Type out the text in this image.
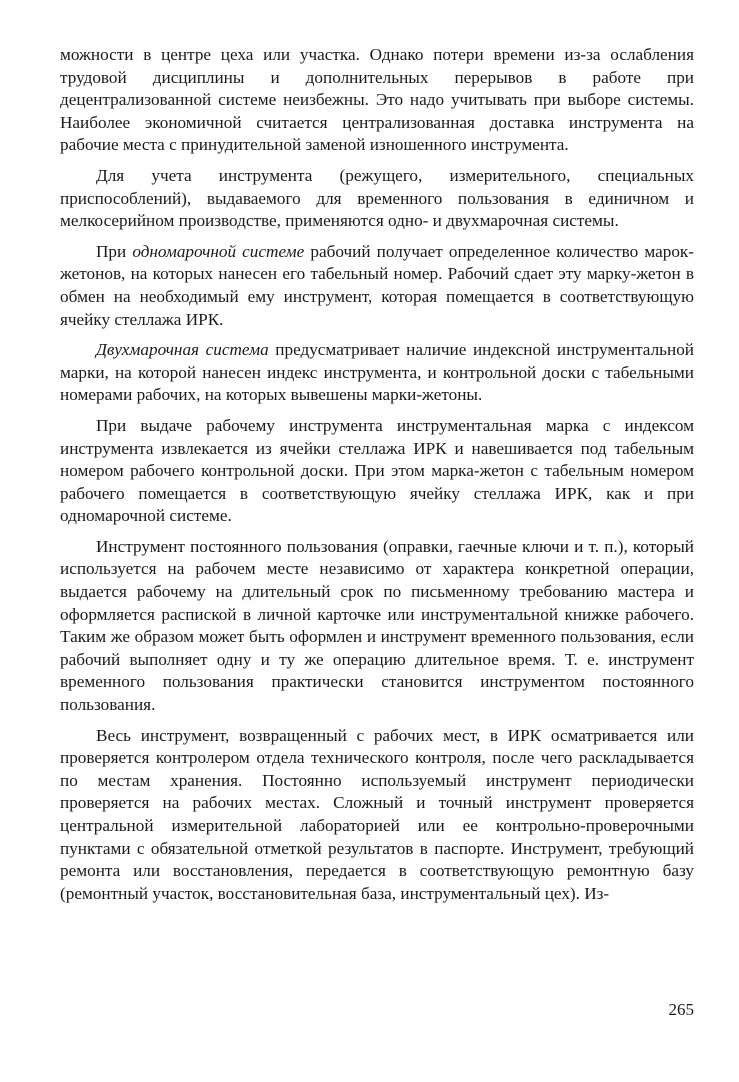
можности в центре цеха или участка. Однако потери времени из-за ослабления трудовой дисциплины и дополнительных перерывов в работе при децентрализованной системе неизбежны. Это надо учитывать при выборе системы. Наиболее экономичной считается централизованная доставка инструмента на рабочие места с принудительной заменой изношенного инструмента.

Для учета инструмента (режущего, измерительного, специальных приспособлений), выдаваемого для временного пользования в единичном и мелкосерийном производстве, применяются одно- и двухмарочная системы.

При одномарочной системе рабочий получает определенное количество марок-жетонов, на которых нанесен его табельный номер. Рабочий сдает эту марку-жетон в обмен на необходимый ему инструмент, которая помещается в соответствующую ячейку стеллажа ИРК.

Двухмарочная система предусматривает наличие индексной инструментальной марки, на которой нанесен индекс инструмента, и контрольной доски с табельными номерами рабочих, на которых вывешены марки-жетоны.

При выдаче рабочему инструмента инструментальная марка с индексом инструмента извлекается из ячейки стеллажа ИРК и навешивается под табельным номером рабочего контрольной доски. При этом марка-жетон с табельным номером рабочего помещается в соответствующую ячейку стеллажа ИРК, как и при одномарочной системе.

Инструмент постоянного пользования (оправки, гаечные ключи и т. п.), который используется на рабочем месте независимо от характера конкретной операции, выдается рабочему на длительный срок по письменному требованию мастера и оформляется распиской в личной карточке или инструментальной книжке рабочего. Таким же образом может быть оформлен и инструмент временного пользования, если рабочий выполняет одну и ту же операцию длительное время. Т. е. инструмент временного пользования практически становится инструментом постоянного пользования.

Весь инструмент, возвращенный с рабочих мест, в ИРК осматривается или проверяется контролером отдела технического контроля, после чего раскладывается по местам хранения. Постоянно используемый инструмент периодически проверяется на рабочих местах. Сложный и точный инструмент проверяется центральной измерительной лабораторией или ее контрольно-проверочными пунктами с обязательной отметкой результатов в паспорте. Инструмент, требующий ремонта или восстановления, передается в соответствующую ремонтную базу (ремонтный участок, восстановительная база, инструментальный цех). Из-

265
